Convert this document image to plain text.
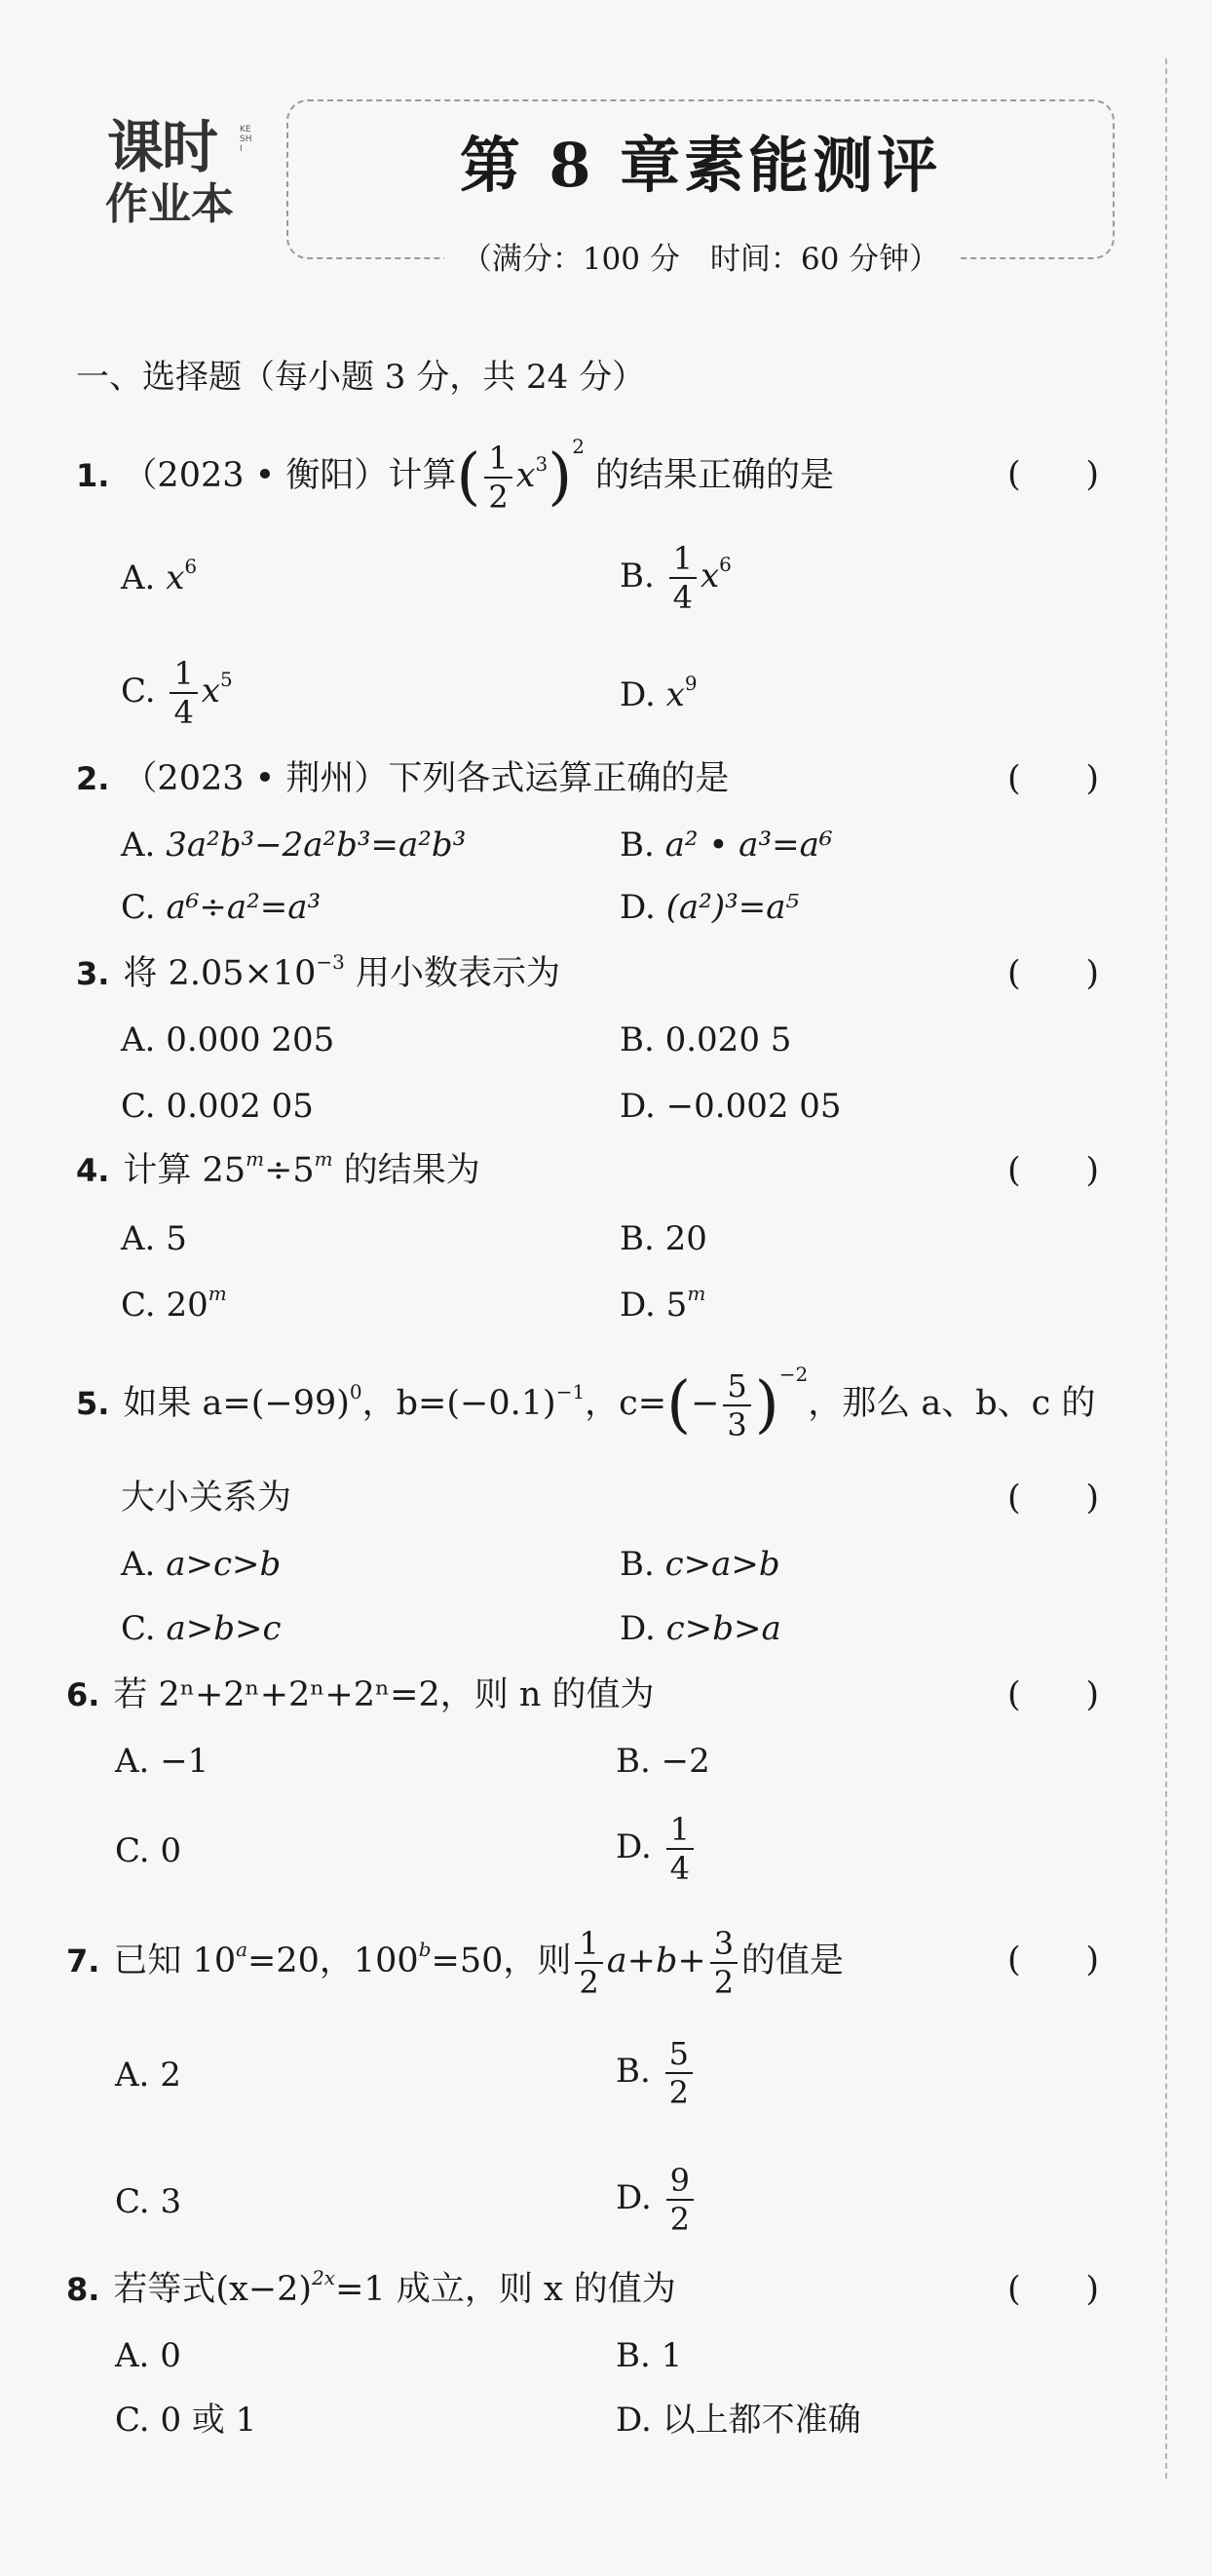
课时
作业本
KESHI	第 8 章素能测评
（满分：100 分　时间：60 分钟）
一、选择题（每小题 3 分，共 24 分）
1. （2023 • 衡阳）计算( $\frac{1}{2} x^3)^2$ 的结果正确的是	(      )
A. $x^6$	B. $\frac{1}{4} x^6$
C. $\frac{1}{4} x^5$	D. $x^9$
2. （2023 • 荆州）下列各式运算正确的是	(      )
A. 3a²b³−2a²b³=a²b³	B. a² • a³=a⁶
C. a⁶÷a²=a³	D. (a²)³=a⁵
3. 将 $2.05\times 10^{-3}$ 用小数表示为	(      )
A. 0.000 205	B. 0.020 5
C. 0.002 05	D. −0.002 05
4. 计算 $25^m\div 5^m$ 的结果为	(      )
A. 5	B. 20
C. 20$^m$	D. 5$^m$
5. 如果 $a=(-99)^0$，$b=(-0.1)^{-1}$，$c=(- \frac{5}{3} )^{-2}$，那么 a、b、c 的
大小关系为	(      )
A. a>c>b	B. c>a>b
C. a>b>c	D. c>b>a
6. 若 2ⁿ+2ⁿ+2ⁿ+2ⁿ=2，则 n 的值为	(      )
A. −1	B. −2
C. 0	D. $\frac{1}{4}$
7. 已知 $10^a=20$，$100^b=50$，则 $\frac{1}{2} a+b+ \frac{3}{2}$ 的值是	(      )
A. 2	B. $\frac{5}{2}$
C. 3	D. $\frac{9}{2}$
8. 若等式$(x-2)^{2x}=1$ 成立，则 x 的值为	(      )
A. 0	B. 1
C. 0 或 1	D. 以上都不准确
